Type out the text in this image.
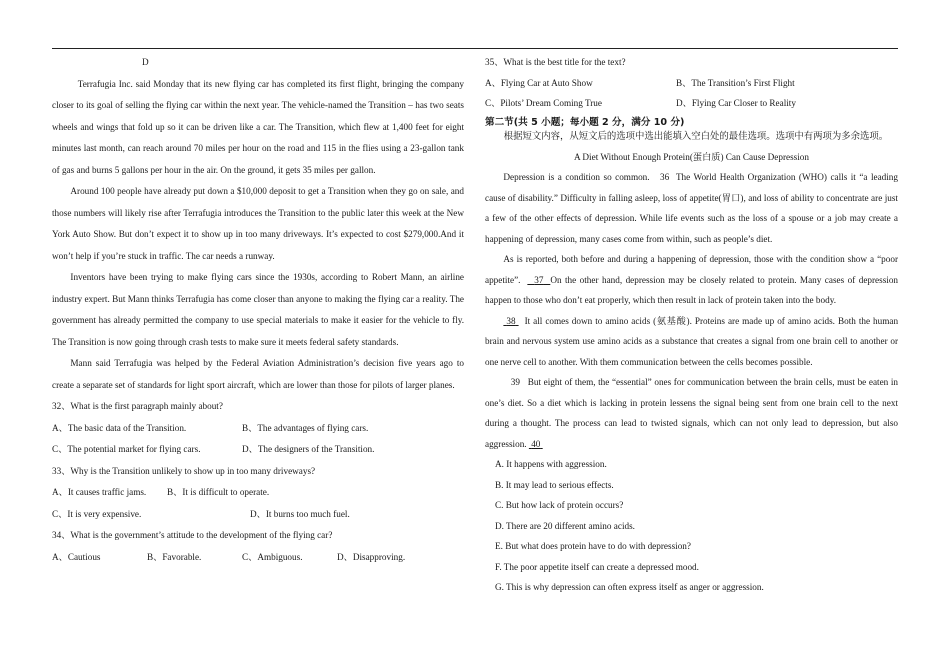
D

Terrafugia Inc. said Monday that its new flying car has completed its first flight, bringing the company closer to its goal of selling the flying car within the next year. The vehicle-named the Transition – has two seats wheels and wings that fold up so it can be driven like a car. The Transition, which flew at 1,400 feet for eight minutes last month, can reach around 70 miles per hour on the road and 115 in the flies using a 23-gallon tank of gas and burns 5 gallons per hour in the air. On the ground, it gets 35 miles per gallon.

Around 100 people have already put down a $10,000 deposit to get a Transition when they go on sale, and those numbers will likely rise after Terrafugia introduces the Transition to the public later this week at the New York Auto Show. But don’t expect it to show up in too many driveways. It’s expected to cost $279,000.And it won’t help if you’re stuck in traffic. The car needs a runway.

Inventors have been trying to make flying cars since the 1930s, according to Robert Mann, an airline industry expert. But Mann thinks Terrafugia has come closer than anyone to making the flying car a reality. The government has already permitted the company to use special materials to make it easier for the vehicle to fly. The Transition is now going through crash tests to make sure it meets federal safety standards.

Mann said Terrafugia was helped by the Federal Aviation Administration’s decision five years ago to create a separate set of standards for light sport aircraft, which are lower than those for pilots of larger planes.

32、What is the first paragraph mainly about?

A、The basic data of the Transition.	B、The advantages of flying cars.
C、The potential market for flying cars.	D、The designers of the Transition.

33、Why is the Transition unlikely to show up in too many driveways?

A、It causes traffic jams.	B、It is difficult to operate.
C、It is very expensive.	D、It burns too much fuel.

34、What is the government’s attitude to the development of the flying car?

A、Cautious	B、Favorable.	C、Ambiguous.	D、Disapproving.

35、What is the best title for the text?

A、Flying Car at Auto Show	B、The Transition’s First Flight
C、Pilots’ Dream Coming True	D、Flying Car Closer to Reality

第二节(共 5 小题；每小题 2 分，满分 10 分)

根据短文内容，从短文后的选项中选出能填入空白处的最佳选项。选项中有两项为多余选项。

A Diet Without Enough Protein(蛋白质) Can Cause Depression

Depression is a condition so common. 36 The World Health Organization (WHO) calls it “a leading cause of disability.” Difficulty in falling asleep, loss of appetite(胃口), and loss of ability to concentrate are just a few of the other effects of depression. While life events such as the loss of a spouse or a job may create a happening of depression, many cases come from within, such as people’s diet.

As is reported, both before and during a happening of depression, those with the condition show a “poor appetite”. 37 On the other hand, depression may be closely related to protein. Many cases of depression happen to those who don’t eat properly, which then result in lack of protein taken into the body.

38 It all comes down to amino acids (氨基酸). Proteins are made up of amino acids. Both the human brain and nervous system use amino acids as a substance that creates a signal from one brain cell to another or one nerve cell to another. With them communication between the cells becomes possible.

39 But eight of them, the “essential” ones for communication between the brain cells, must be eaten in one’s diet. So a diet which is lacking in protein lessens the signal being sent from one brain cell to the next during a thought. The process can lead to twisted signals, which can not only lead to depression, but also aggression. 40

A. It happens with aggression.

B. It may lead to serious effects.

C. But how lack of protein occurs?

D. There are 20 different amino acids.

E. But what does protein have to do with depression?

F. The poor appetite itself can create a depressed mood.

G. This is why depression can often express itself as anger or aggression.
